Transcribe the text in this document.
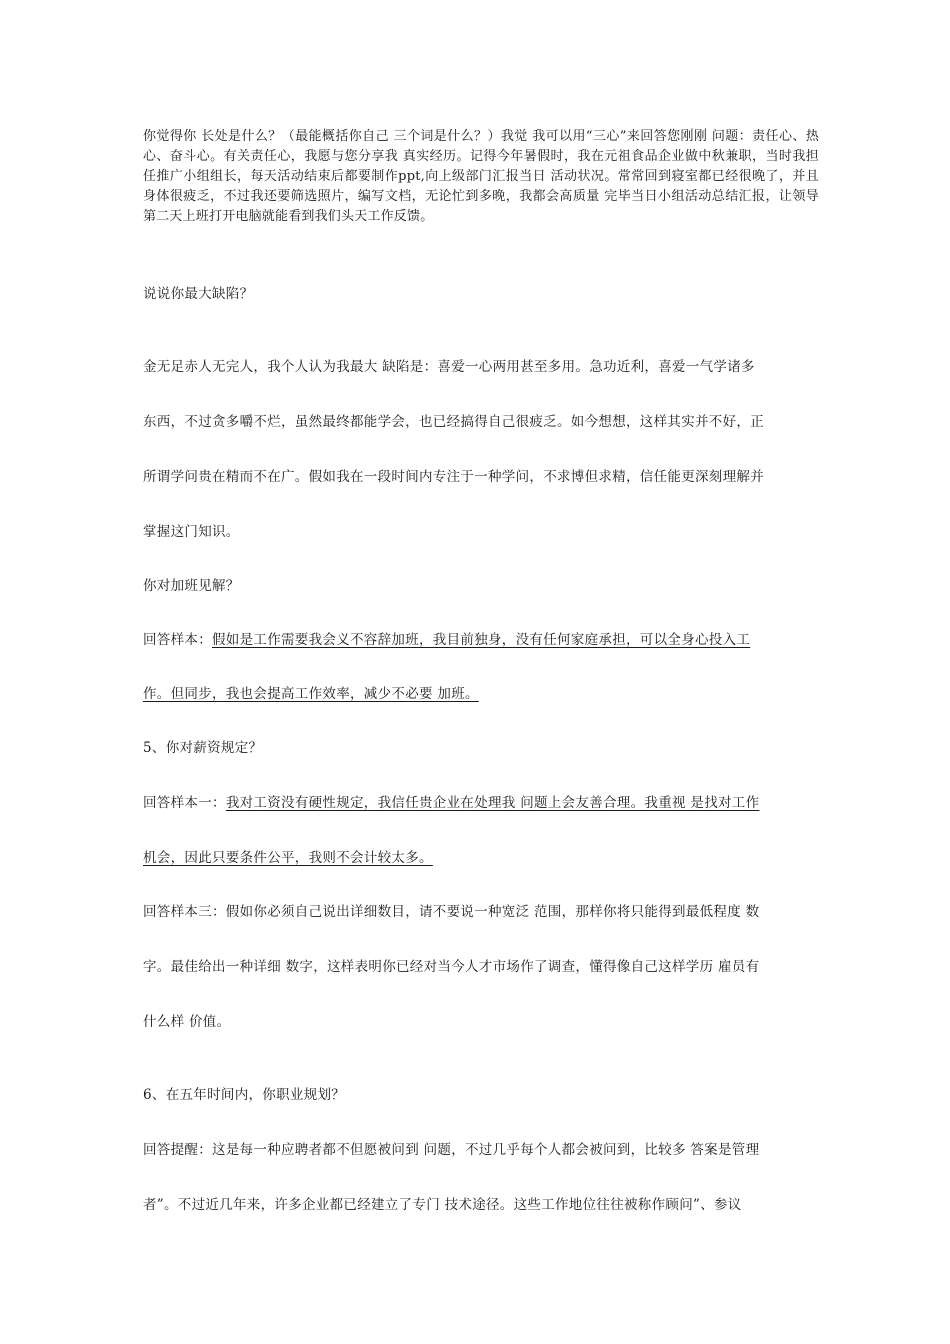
你觉得你 长处是什么？（最能概括你自己 三个词是什么？）我觉 我可以用“三心”来回答您刚刚 问题：责任心、热心、奋斗心。有关责任心，我愿与您分享我 真实经历。记得今年暑假时，我在元祖食品企业做中秋兼职，当时我担任推广小组组长，每天活动结束后都要制作ppt,向上级部门汇报当日 活动状况。常常回到寝室都已经很晚了，并且身体很疲乏，不过我还要筛选照片，编写文档，无论忙到多晚，我都会高质量 完毕当日小组活动总结汇报，让领导第二天上班打开电脑就能看到我们头天工作反馈。
说说你最大缺陷？
金无足赤人无完人，我个人认为我最大 缺陷是：喜爱一心两用甚至多用。急功近利，喜爱一气学诸多
东西，不过贪多嚼不烂，虽然最终都能学会，也已经搞得自己很疲乏。如今想想，这样其实并不好，正
所谓学问贵在精而不在广。假如我在一段时间内专注于一种学问，不求博但求精，信任能更深刻理解并
掌握这门知识。
你对加班见解？
回答样本：假如是工作需要我会义不容辞加班，我目前独身，没有任何家庭承担，可以全身心投入工
作。但同步，我也会提高工作效率，减少不必要 加班。
5、你对薪资规定？
回答样本一：我对工资没有硬性规定，我信任贵企业在处理我 问题上会友善合理。我重视 是找对工作
机会，因此只要条件公平，我则不会计较太多。
回答样本三：假如你必须自己说出详细数目，请不要说一种宽泛 范围，那样你将只能得到最低程度 数
字。最佳给出一种详细 数字，这样表明你已经对当今人才市场作了调查，懂得像自己这样学历 雇员有
什么样 价值。
6、在五年时间内，你职业规划？
回答提醒：这是每一种应聘者都不但愿被问到 问题，不过几乎每个人都会被问到，比较多 答案是管理
者”。不过近几年来，许多企业都已经建立了专门 技术途径。这些工作地位往往被称作顾问”、参议
